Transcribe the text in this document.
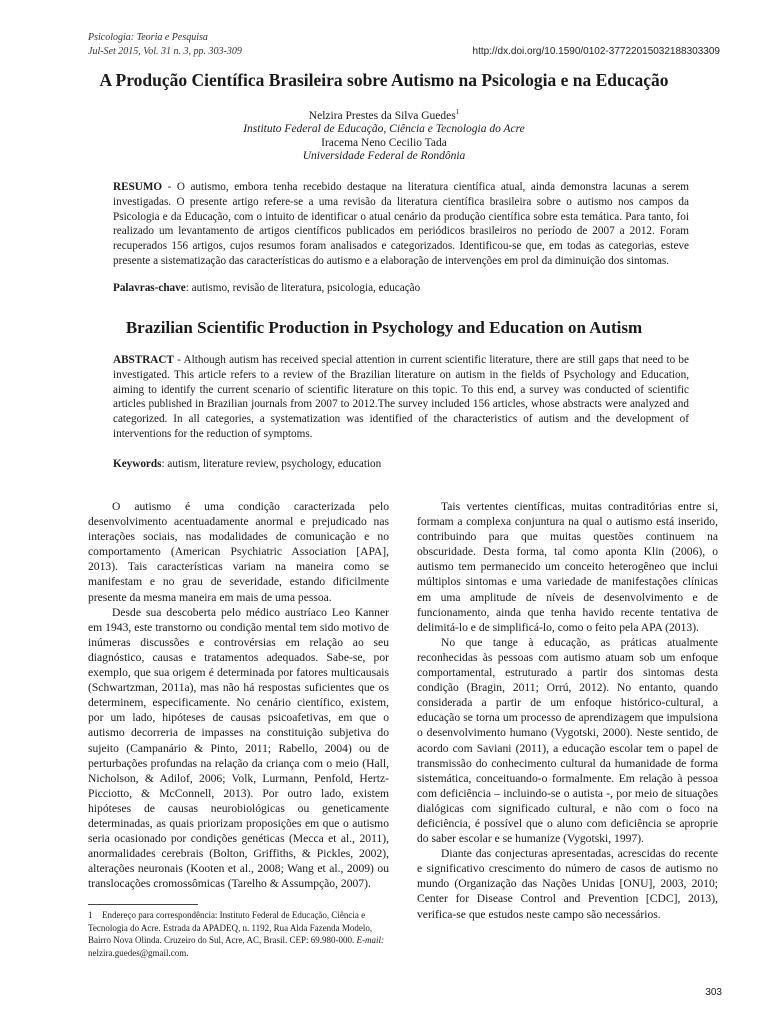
Psicologia: Teoria e Pesquisa
Jul-Set 2015, Vol. 31 n. 3, pp. 303-309	http://dx.doi.org/10.1590/0102-37722015032188303309
A Produção Científica Brasileira sobre Autismo na Psicologia e na Educação
Nelzira Prestes da Silva Guedes$^1$
Instituto Federal de Educação, Ciência e Tecnologia do Acre
Iracema Neno Cecilio Tada
Universidade Federal de Rondônia
RESUMO - O autismo, embora tenha recebido destaque na literatura científica atual, ainda demonstra lacunas a serem investigadas. O presente artigo refere-se a uma revisão da literatura científica brasileira sobre o autismo nos campos da Psicologia e da Educação, com o intuito de identificar o atual cenário da produção científica sobre esta temática. Para tanto, foi realizado um levantamento de artigos científicos publicados em periódicos brasileiros no período de 2007 a 2012. Foram recuperados 156 artigos, cujos resumos foram analisados e categorizados. Identificou-se que, em todas as categorias, esteve presente a sistematização das características do autismo e a elaboração de intervenções em prol da diminuição dos sintomas.
Palavras-chave: autismo, revisão de literatura, psicologia, educação
Brazilian Scientific Production in Psychology and Education on Autism
ABSTRACT - Although autism has received special attention in current scientific literature, there are still gaps that need to be investigated. This article refers to a review of the Brazilian literature on autism in the fields of Psychology and Education, aiming to identify the current scenario of scientific literature on this topic. To this end, a survey was conducted of scientific articles published in Brazilian journals from 2007 to 2012.The survey included 156 articles, whose abstracts were analyzed and categorized. In all categories, a systematization was identified of the characteristics of autism and the development of interventions for the reduction of symptoms.
Keywords: autism, literature review, psychology, education

O autismo é uma condição caracterizada pelo desenvolvimento acentuadamente anormal e prejudicado nas interações sociais, nas modalidades de comunicação e no comportamento (American Psychiatric Association [APA], 2013). Tais características variam na maneira como se manifestam e no grau de severidade, estando dificilmente presente da mesma maneira em mais de uma pessoa.

Desde sua descoberta pelo médico austríaco Leo Kanner em 1943, este transtorno ou condição mental tem sido motivo de inúmeras discussões e controvérsias em relação ao seu diagnóstico, causas e tratamentos adequados. Sabe-se, por exemplo, que sua origem é determinada por fatores multicausais (Schwartzman, 2011a), mas não há respostas suficientes que os determinem, especificamente. No cenário científico, existem, por um lado, hipóteses de causas psicoafetivas, em que o autismo decorreria de impasses na constituição subjetiva do sujeito (Campanário & Pinto, 2011; Rabello, 2004) ou de perturbações profundas na relação da criança com o meio (Hall, Nicholson, & Adilof, 2006; Volk, Lurmann, Penfold, Hertz-Picciotto, & McConnell, 2013). Por outro lado, existem hipóteses de causas neurobiológicas ou geneticamente determinadas, as quais priorizam proposições em que o autismo seria ocasionado por condições genéticas (Mecca et al., 2011), anormalidades cerebrais (Bolton, Griffiths, & Pickles, 2002), alterações neuronais (Kooten et al., 2008; Wang et al., 2009) ou translocações cromossômicas (Tarelho & Assumpção, 2007).

Tais vertentes científicas, muitas contraditórias entre si, formam a complexa conjuntura na qual o autismo está inserido, contribuindo para que muitas questões continuem na obscuridade. Desta forma, tal como aponta Klin (2006), o autismo tem permanecido um conceito heterogêneo que inclui múltiplos sintomas e uma variedade de manifestações clínicas em uma amplitude de níveis de desenvolvimento e de funcionamento, ainda que tenha havido recente tentativa de delimitá-lo e de simplificá-lo, como o feito pela APA (2013).

No que tange à educação, as práticas atualmente reconhecidas às pessoas com autismo atuam sob um enfoque comportamental, estruturado a partir dos sintomas desta condição (Bragin, 2011; Orrú, 2012). No entanto, quando considerada a partir de um enfoque histórico-cultural, a educação se torna um processo de aprendizagem que impulsiona o desenvolvimento humano (Vygotski, 2000). Neste sentido, de acordo com Saviani (2011), a educação escolar tem o papel de transmissão do conhecimento cultural da humanidade de forma sistemática, conceituando-o formalmente. Em relação à pessoa com deficiência – incluindo-se o autista -, por meio de situações dialógicas com significado cultural, e não com o foco na deficiência, é possível que o aluno com deficiência se aproprie do saber escolar e se humanize (Vygotski, 1997).

Diante das conjecturas apresentadas, acrescidas do recente e significativo crescimento do número de casos de autismo no mundo (Organização das Nações Unidas [ONU], 2003, 2010; Center for Disease Control and Prevention [CDC], 2013), verifica-se que estudos neste campo são necessários.

1 Endereço para correspondência: Instituto Federal de Educação, Ciência e Tecnologia do Acre. Estrada da APADEQ, n. 1192, Rua Alda Fazenda Modelo, Bairro Nova Olinda. Cruzeiro do Sul, Acre, AC, Brasil. CEP: 69.980-000. E-mail: nelzira.guedes@gmail.com.
303
